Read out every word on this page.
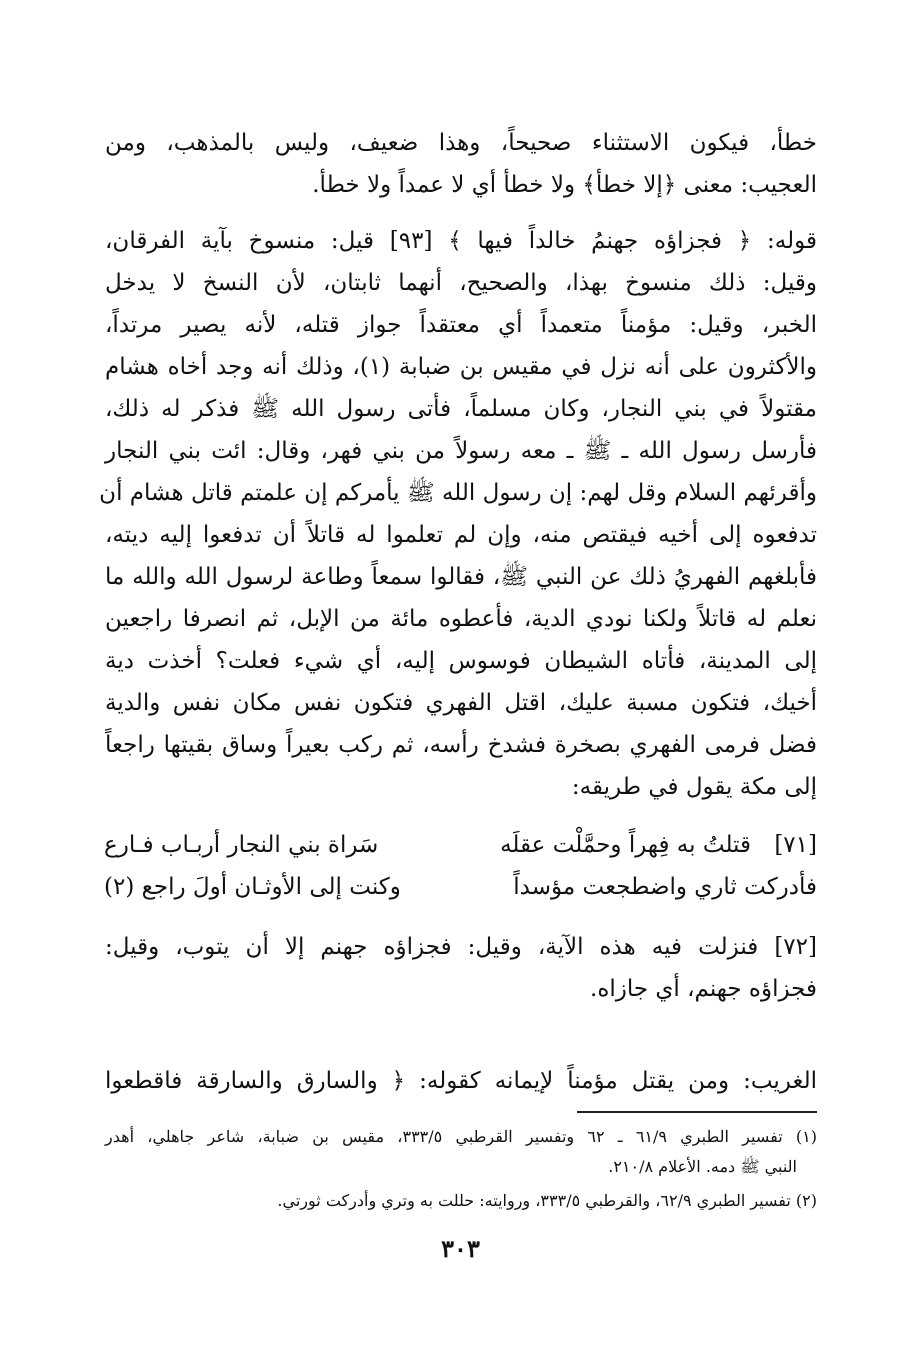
خطأ، فيكون الاستثناء صحيحاً، وهذا ضعيف، وليس بالمذهب، ومن

العجيب: معنى ﴿إلا خطأ﴾ ولا خطأ أي لا عمداً ولا خطأ.

قوله: ﴿ فجزاؤه جهنمُ خالداً فيها ﴾ [٩٣] قيل: منسوخ بآية الفرقان،

وقيل: ذلك منسوخ بهذا، والصحيح، أنهما ثابتان، لأن النسخ لا يدخل

الخبر، وقيل: مؤمناً متعمداً أي معتقداً جواز قتله، لأنه يصير مرتداً،

والأكثرون على أنه نزل في مقيس بن ضبابة (١)، وذلك أنه وجد أخاه هشام

مقتولاً في بني النجار، وكان مسلماً، فأتى رسول الله ﷺ فذكر له ذلك،

فأرسل رسول الله ـ ﷺ ـ معه رسولاً من بني فهر، وقال: ائت بني النجار

وأقرئهم السلام وقل لهم: إن رسول الله ﷺ يأمركم إن علمتم قاتل هشام أن

تدفعوه إلى أخيه فيقتص منه، وإن لم تعلموا له قاتلاً أن تدفعوا إليه ديته،

فأبلغهم الفهريُ ذلك عن النبي ﷺ، فقالوا سمعاً وطاعة لرسول الله والله ما

نعلم له قاتلاً ولكنا نودي الدية، فأعطوه مائة من الإبل، ثم انصرفا راجعين

إلى المدينة، فأتاه الشيطان فوسوس إليه، أي شيء فعلت؟ أخذت دية

أخيك، فتكون مسبة عليك، اقتل الفهري فتكون نفس مكان نفس والدية

فضل فرمى الفهري بصخرة فشدخ رأسه، ثم ركب بعيراً وساق بقيتها راجعاً

إلى مكة يقول في طريقه:

[٧١]

قتلتُ به فِهراً وحمَّلْت عقلَه

سَراة بني النجار أربـاب فـارع

فأدركت ثاري واضطجعت مؤسداً

وكنت إلى الأوثـان أولَ راجع (٢)

[٧٢] فنزلت فيه هذه الآية، وقيل: فجزاؤه جهنم إلا أن يتوب، وقيل:

فجزاؤه جهنم، أي جازاه.

الغريب: ومن يقتل مؤمناً لإيمانه كقوله: ﴿ والسارق والسارقة فاقطعوا

(١) تفسير الطبري ٦١/٩ ـ ٦٢ وتفسير القرطبي ٣٣٣/٥، مقيس بن ضبابة، شاعر جاهلي، أهدر

النبي ﷺ دمه. الأعلام ٢١٠/٨.

(٢) تفسير الطبري ٦٢/٩، والقرطبي ٣٣٣/٥، وروايته: حللت به وتري وأدركت ثورتي.

٣٠٣
